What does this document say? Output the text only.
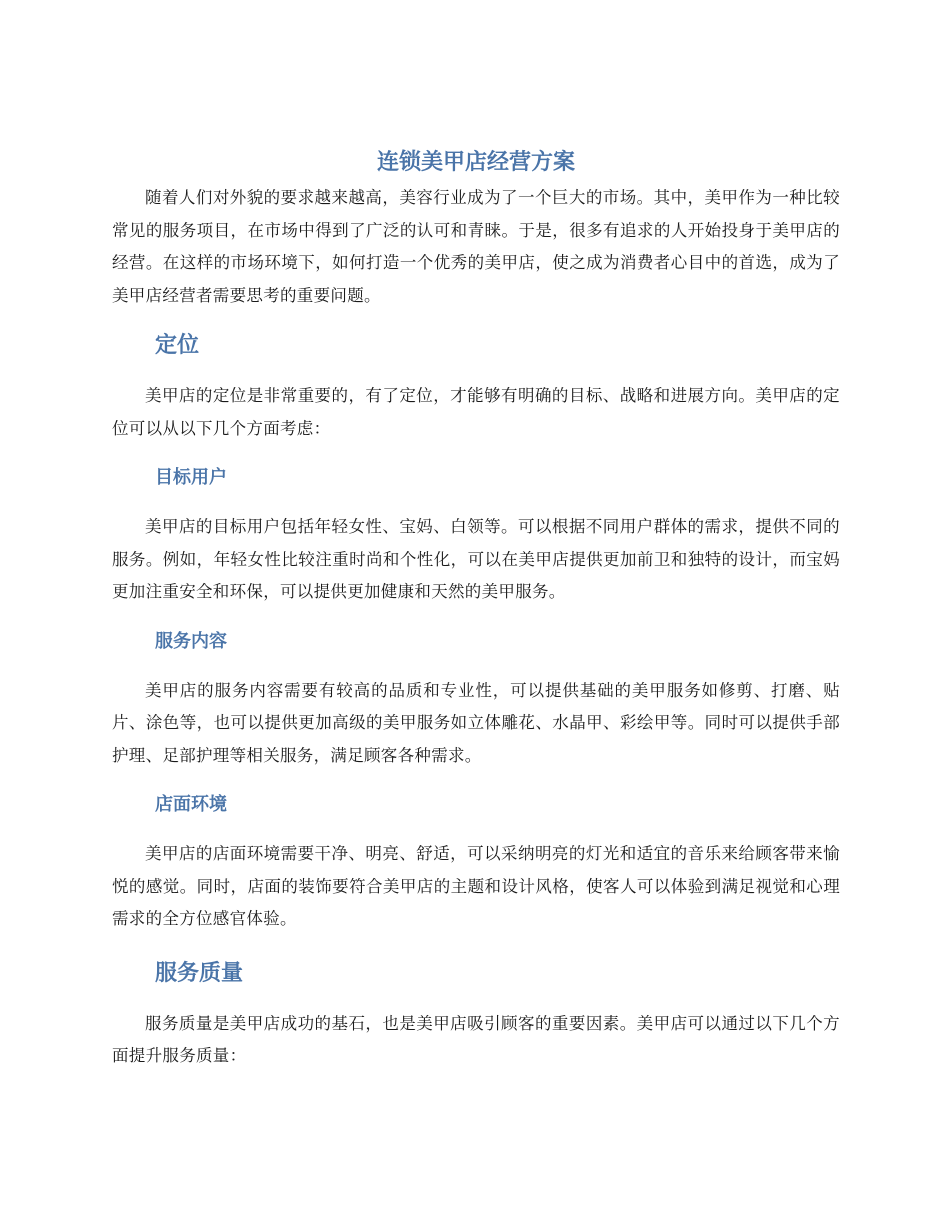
连锁美甲店经营方案

随着人们对外貌的要求越来越高，美容行业成为了一个巨大的市场。其中，美甲作为一种比较常见的服务项目，在市场中得到了广泛的认可和青睐。于是，很多有追求的人开始投身于美甲店的经营。在这样的市场环境下，如何打造一个优秀的美甲店，使之成为消费者心目中的首选，成为了美甲店经营者需要思考的重要问题。

定位

美甲店的定位是非常重要的，有了定位，才能够有明确的目标、战略和进展方向。美甲店的定位可以从以下几个方面考虑：

目标用户

美甲店的目标用户包括年轻女性、宝妈、白领等。可以根据不同用户群体的需求，提供不同的服务。例如，年轻女性比较注重时尚和个性化，可以在美甲店提供更加前卫和独特的设计，而宝妈更加注重安全和环保，可以提供更加健康和天然的美甲服务。

服务内容

美甲店的服务内容需要有较高的品质和专业性，可以提供基础的美甲服务如修剪、打磨、贴片、涂色等，也可以提供更加高级的美甲服务如立体雕花、水晶甲、彩绘甲等。同时可以提供手部护理、足部护理等相关服务，满足顾客各种需求。

店面环境

美甲店的店面环境需要干净、明亮、舒适，可以采纳明亮的灯光和适宜的音乐来给顾客带来愉悦的感觉。同时，店面的装饰要符合美甲店的主题和设计风格，使客人可以体验到满足视觉和心理需求的全方位感官体验。

服务质量

服务质量是美甲店成功的基石，也是美甲店吸引顾客的重要因素。美甲店可以通过以下几个方面提升服务质量：
